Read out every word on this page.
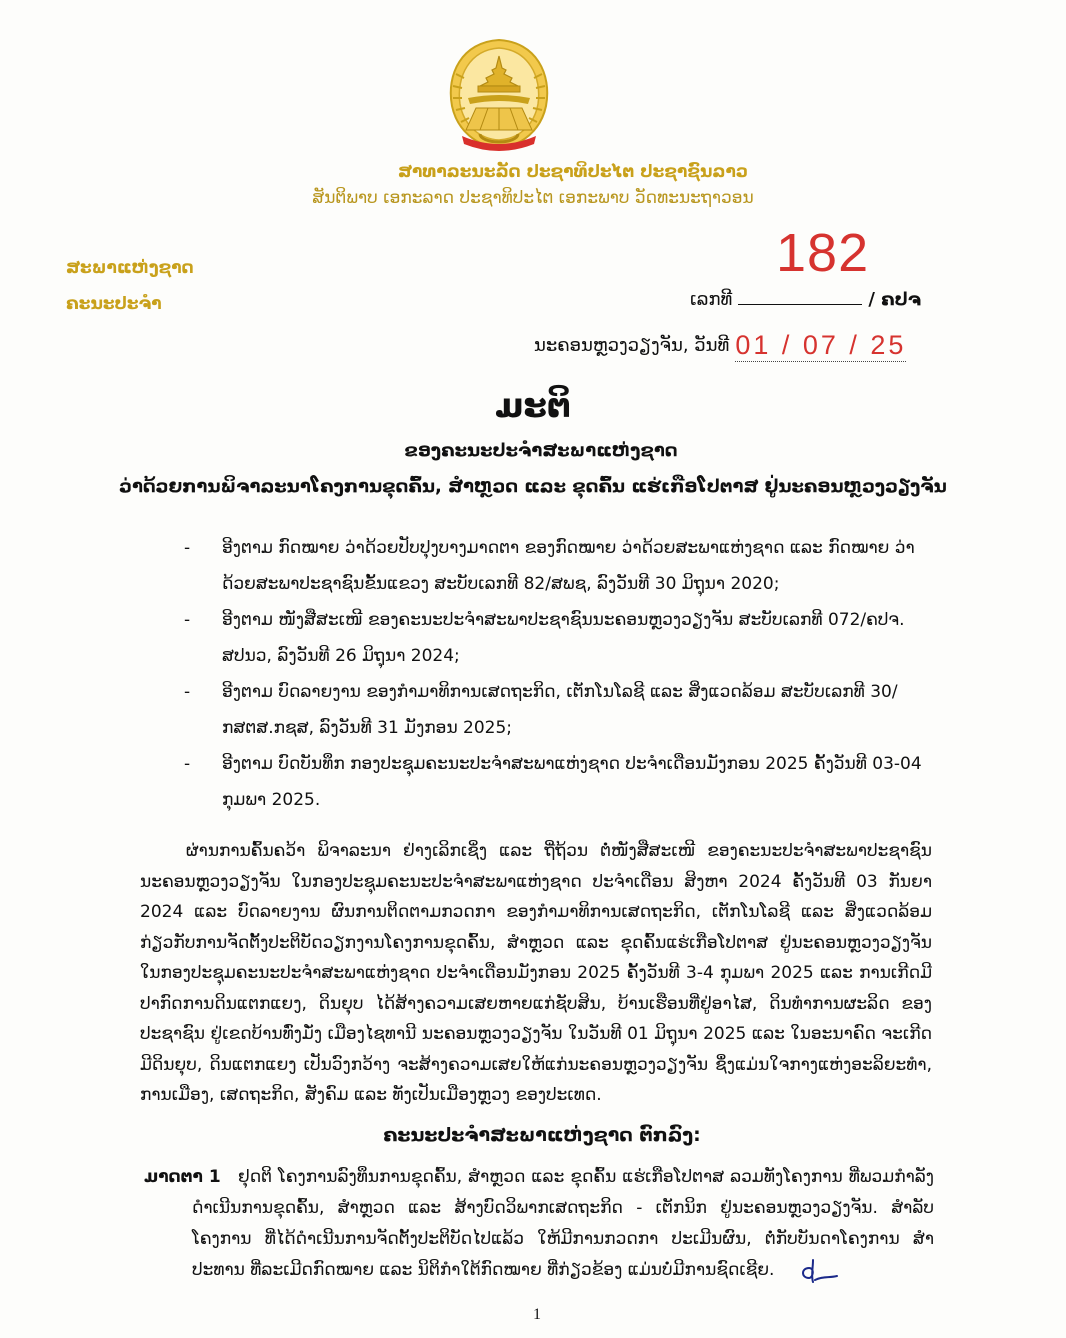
ສາທາລະນະລັດ ປະຊາທິປະໄຕ ປະຊາຊົນລາວ
ສັນຕິພາບ ເອກະລາດ ປະຊາທິປະໄຕ ເອກະພາບ ວັດທະນະຖາວອນ
ສະພາແຫ່ງຊາດ
ຄະນະປະຈໍາ
182
ເລກທີ	/ ຄປຈ
ນະຄອນຫຼວງວຽງຈັນ, ວັນທີ 01 / 07 / 25
ມະຕິ
ຂອງຄະນະປະຈໍາສະພາແຫ່ງຊາດ
ວ່າດ້ວຍການພິຈາລະນາໂຄງການຂຸດຄົ້ນ, ສໍາຫຼວດ ແລະ ຂຸດຄົ້ນ ແຮ່ເກືອໂປຕາສ ຢູ່ນະຄອນຫຼວງວຽງຈັນ
- ອີງຕາມ ກົດໝາຍ ວ່າດ້ວຍປັບປຸງບາງມາດຕາ ຂອງກົດໝາຍ ວ່າດ້ວຍສະພາແຫ່ງຊາດ ແລະ ກົດໝາຍ ວ່າດ້ວຍສະພາປະຊາຊົນຂັ້ນແຂວງ ສະບັບເລກທີ 82/ສພຊ, ລົງວັນທີ 30 ມິຖຸນາ 2020;
- ອີງຕາມ ໜັງສືສະເໜີ ຂອງຄະນະປະຈໍາສະພາປະຊາຊົນນະຄອນຫຼວງວຽງຈັນ ສະບັບເລກທີ 072/ຄປຈ. ສປນວ, ລົງວັນທີ 26 ມິຖຸນາ 2024;
- ອີງຕາມ ບົດລາຍງານ ຂອງກໍາມາທິການເສດຖະກິດ, ເຕັກໂນໂລຊີ ແລະ ສິ່ງແວດລ້ອມ ສະບັບເລກທີ 30/ ກສຕສ.ກຊສ, ລົງວັນທີ 31 ມັງກອນ 2025;
- ອີງຕາມ ບົດບັນທຶກ ກອງປະຊຸມຄະນະປະຈໍາສະພາແຫ່ງຊາດ ປະຈໍາເດືອນມັງກອນ 2025 ຄັ້ງວັນທີ 03-04 ກຸມພາ 2025.
ຜ່ານການຄົ້ນຄວ້າ ພິຈາລະນາ ຢ່າງເລິກເຊິ່ງ ແລະ ຖີ່ຖ້ວນ ຕໍ່ໜັງສືສະເໜີ ຂອງຄະນະປະຈໍາສະພາປະຊາຊົນນະຄອນຫຼວງວຽງຈັນ ໃນກອງປະຊຸມຄະນະປະຈໍາສະພາແຫ່ງຊາດ ປະຈໍາເດືອນ ສິງຫາ 2024 ຄັ້ງວັນທີ 03 ກັນຍາ 2024 ແລະ ບົດລາຍງານ ຜົນການຕິດຕາມກວດກາ ຂອງກໍາມາທິການເສດຖະກິດ, ເຕັກໂນໂລຊີ ແລະ ສິ່ງແວດລ້ອມ ກ່ຽວກັບການຈັດຕັ້ງປະຕິບັດວຽກງານໂຄງການຂຸດຄົ້ນ, ສໍາຫຼວດ ແລະ ຂຸດຄົ້ນແຮ່ເກືອໂປຕາສ ຢູ່ນະຄອນຫຼວງວຽງຈັນ ໃນກອງປະຊຸມຄະນະປະຈໍາສະພາແຫ່ງຊາດ ປະຈໍາເດືອນມັງກອນ 2025 ຄັ້ງວັນທີ 3-4 ກຸມພາ 2025 ແລະ ການເກີດມີປາກົດການດິນແຕກແຍງ, ດິນຍຸບ ໄດ້ສ້າງຄວາມເສຍຫາຍແກ່ຊັບສິນ, ບ້ານເຮືອນທີ່ຢູ່ອາໄສ, ດິນທໍາການຜະລິດ ຂອງປະຊາຊົນ ຢູ່ເຂດບ້ານທົ່ງມັ່ງ ເມືອງໄຊທານີ ນະຄອນຫຼວງວຽງຈັນ ໃນວັນທີ 01 ມິຖຸນາ 2025 ແລະ ໃນອະນາຄົດ ຈະເກີດມີດິນຍຸບ, ດິນແຕກແຍງ ເປັນວົງກວ້າງ ຈະສ້າງຄວາມເສຍໃຫ້ແກ່ນະຄອນຫຼວງວຽງຈັນ ຊຶ່ງແມ່ນໃຈກາງແຫ່ງອະລິຍະທໍາ, ການເມືອງ, ເສດຖະກິດ, ສັງຄົມ ແລະ ທັງເປັນເມືອງຫຼວງ ຂອງປະເທດ.
ຄະນະປະຈໍາສະພາແຫ່ງຊາດ ຕົກລົງ:
ມາດຕາ 1	ຢຸດຕິ ໂຄງການລົງທຶນການຂຸດຄົ້ນ, ສໍາຫຼວດ ແລະ ຂຸດຄົ້ນ ແຮ່ເກືອໂປຕາສ ລວມທັງໂຄງການ ທີ່ພວມກໍາລັງດໍາເນີນການຂຸດຄົ້ນ, ສໍາຫຼວດ ແລະ ສ້າງບົດວິພາກເສດຖະກິດ - ເຕັກນິກ ຢູ່ນະຄອນຫຼວງວຽງຈັນ. ສໍາລັບໂຄງການ ທີ່ໄດ້ດໍາເນີນການຈັດຕັ້ງປະຕິບັດໄປແລ້ວ ໃຫ້ມີການກວດກາ ປະເມີນຜົນ, ຕໍ່ກັບບັນດາໂຄງການ ສໍາປະທານ ທີ່ລະເມີດກົດໝາຍ ແລະ ນິຕິກໍາໃຕ້ກົດໝາຍ ທີ່ກ່ຽວຂ້ອງ ແມ່ນບໍ່ມີການຊົດເຊີຍ.
1
